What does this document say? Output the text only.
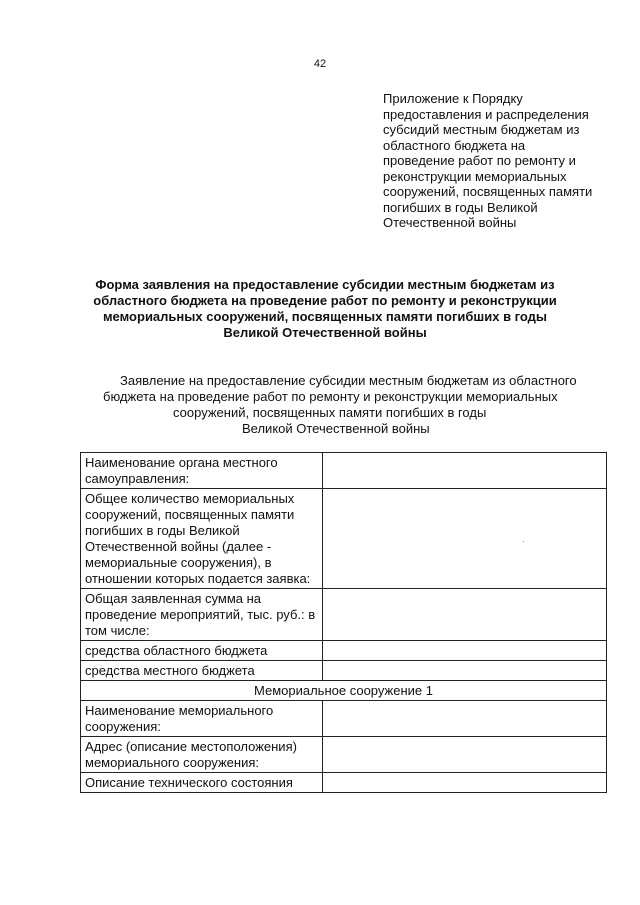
42
Приложение к Порядку
предоставления и распределения
субсидий местным бюджетам из
областного бюджета на
проведение работ по ремонту и
реконструкции мемориальных
сооружений, посвященных памяти
погибших в годы Великой
Отечественной войны
Форма заявления на предоставление субсидии местным бюджетам из
областного бюджета на проведение работ по ремонту и реконструкции
мемориальных сооружений, посвященных памяти погибших в годы
Великой Отечественной войны
Заявление на предоставление субсидии местным бюджетам из областного
бюджета на проведение работ по ремонту и реконструкции мемориальных
сооружений, посвященных памяти погибших в годы
Великой Отечественной войны
Наименование органа местного самоуправления:	
Общее количество мемориальных сооружений, посвященных памяти погибших в годы Великой Отечественной войны (далее - мемориальные сооружения), в отношении которых подается заявка:	
Общая заявленная сумма на проведение мероприятий, тыс. руб.: в том числе:	
средства областного бюджета	
средства местного бюджета	
Мемориальное сооружение 1	
Наименование мемориального сооружения:	
Адрес (описание местоположения) мемориального сооружения:	
Описание технического состояния	
·
